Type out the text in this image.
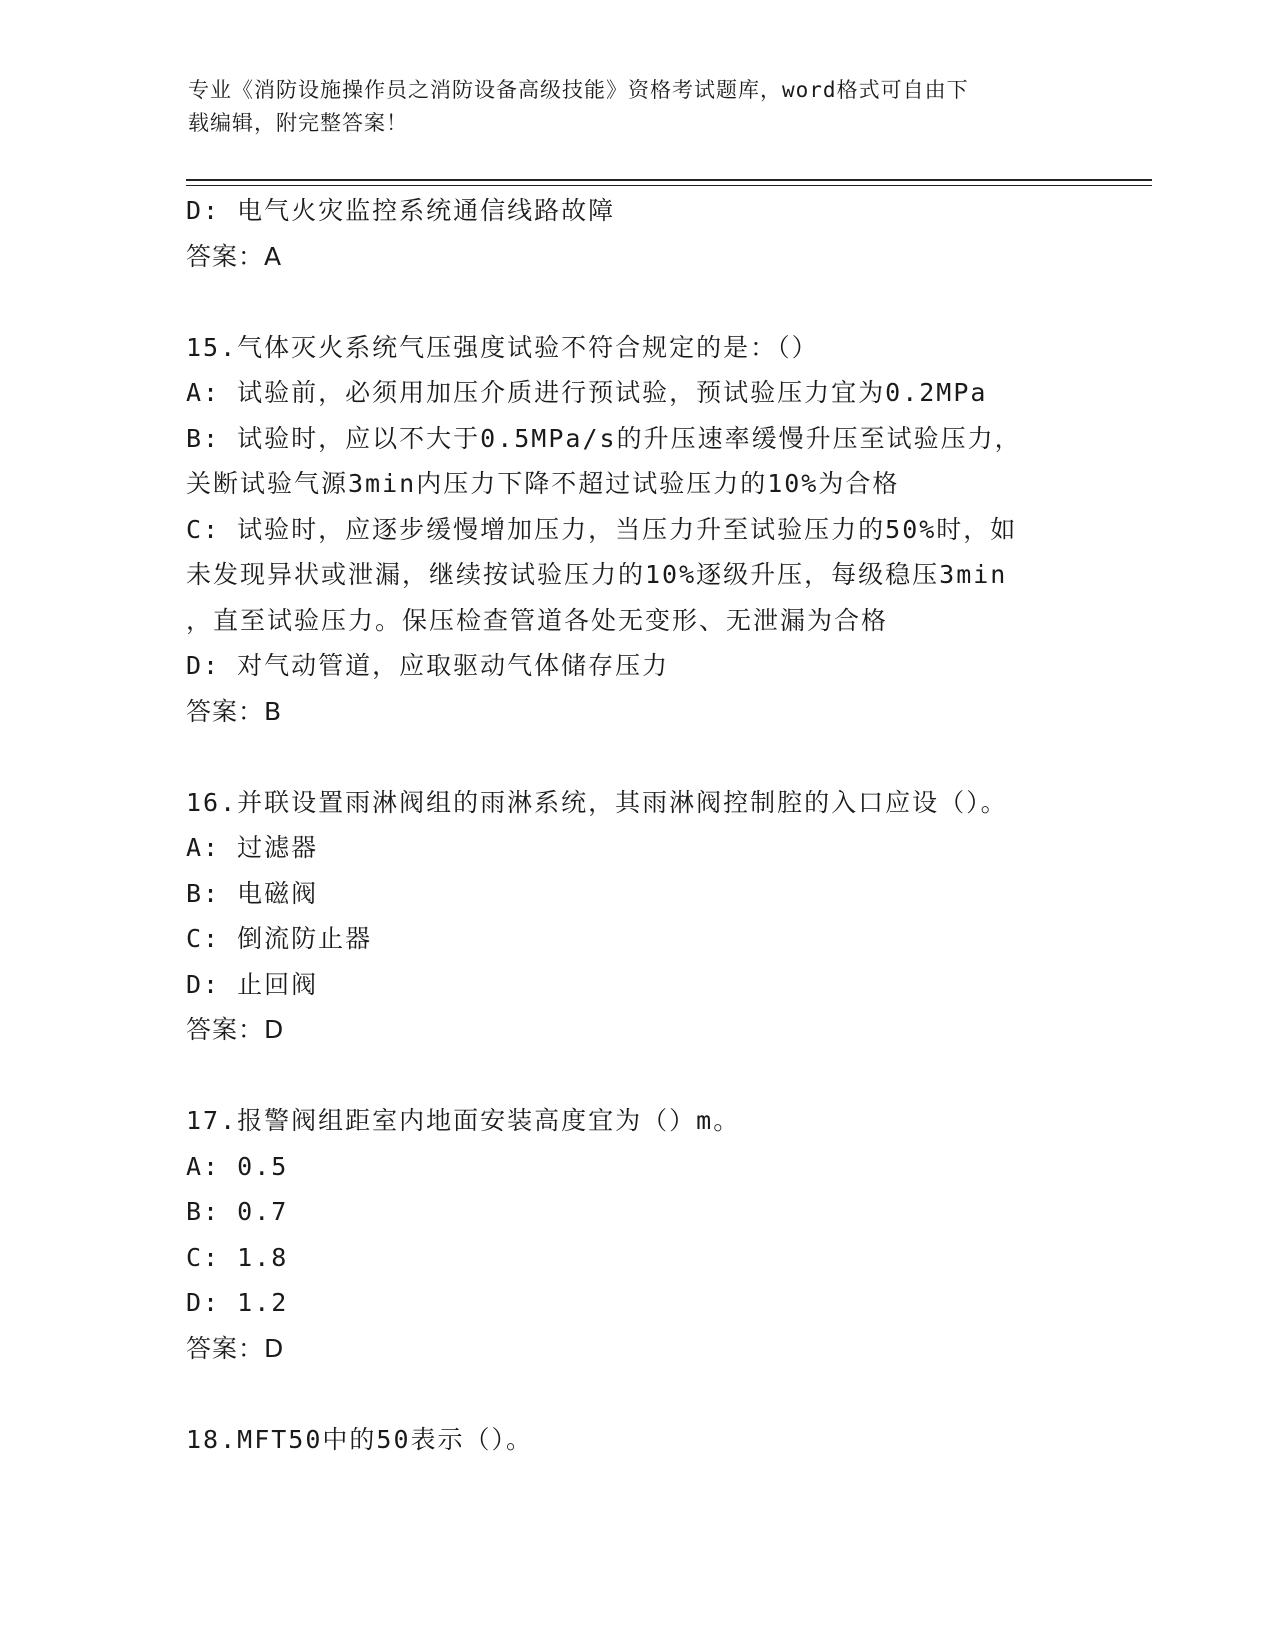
专业《消防设施操作员之消防设备高级技能》资格考试题库，word格式可自由下
载编辑，附完整答案！
D: 电气火灾监控系统通信线路故障
答案：A
15.气体灭火系统气压强度试验不符合规定的是：（）
A: 试验前，必须用加压介质进行预试验，预试验压力宜为0.2MPa
B: 试验时，应以不大于0.5MPa/s的升压速率缓慢升压至试验压力，
关断试验气源3min内压力下降不超过试验压力的10%为合格
C: 试验时，应逐步缓慢增加压力，当压力升至试验压力的50%时，如
未发现异状或泄漏，继续按试验压力的10%逐级升压，每级稳压3min
，直至试验压力。保压检查管道各处无变形、无泄漏为合格
D: 对气动管道，应取驱动气体储存压力
答案：B
16.并联设置雨淋阀组的雨淋系统，其雨淋阀控制腔的入口应设（）。
A: 过滤器
B: 电磁阀
C: 倒流防止器
D: 止回阀
答案：D
17.报警阀组距室内地面安装高度宜为（）m。
A: 0.5
B: 0.7
C: 1.8
D: 1.2
答案：D
18.MFT50中的50表示（）。
